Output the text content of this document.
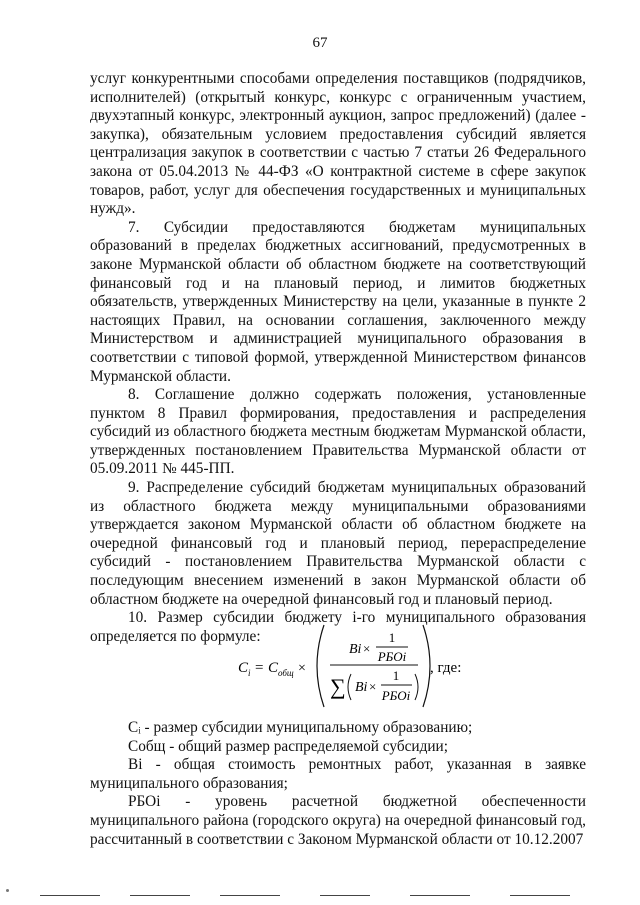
67

услуг конкурентными способами определения поставщиков (подрядчиков, исполнителей) (открытый конкурс, конкурс с ограниченным участием, двухэтапный конкурс, электронный аукцион, запрос предложений) (далее - закупка), обязательным условием предоставления субсидий является централизация закупок в соответствии с частью 7 статьи 26 Федерального закона от 05.04.2013 № 44-ФЗ «О контрактной системе в сфере закупок товаров, работ, услуг для обеспечения государственных и муниципальных нужд».

7. Субсидии предоставляются бюджетам муниципальных образований в пределах бюджетных ассигнований, предусмотренных в законе Мурманской области об областном бюджете на соответствующий финансовый год и на плановый период, и лимитов бюджетных обязательств, утвержденных Министерству на цели, указанные в пункте 2 настоящих Правил, на основании соглашения, заключенного между Министерством и администрацией муниципального образования в соответствии с типовой формой, утвержденной Министерством финансов Мурманской области.

8. Соглашение должно содержать положения, установленные пунктом 8 Правил формирования, предоставления и распределения субсидий из областного бюджета местным бюджетам Мурманской области, утвержденных постановлением Правительства Мурманской области от 05.09.2011 № 445-ПП.

9. Распределение субсидий бюджетам муниципальных образований из областного бюджета между муниципальными образованиями утверждается законом Мурманской области об областном бюджете на очередной финансовый год и плановый период, перераспределение субсидий - постановлением Правительства Мурманской области с последующим внесением изменений в закон Мурманской области об областном бюджете на очередной финансовый год и плановый период.

10. Размер субсидии бюджету i-го муниципального образования определяется по формуле:

C i = C общ ×
Bi ×
1
РБОi
∑ Bi ×
1
РБОi
, где:

Cᵢ - размер субсидии муниципальному образованию;

Cобщ - общий размер распределяемой субсидии;

Bi - общая стоимость ремонтных работ, указанная в заявке муниципального образования;

РБОi - уровень расчетной бюджетной обеспеченности муниципального района (городского округа) на очередной финансовый год, рассчитанный в соответствии с Законом Мурманской области от 10.12.2007
